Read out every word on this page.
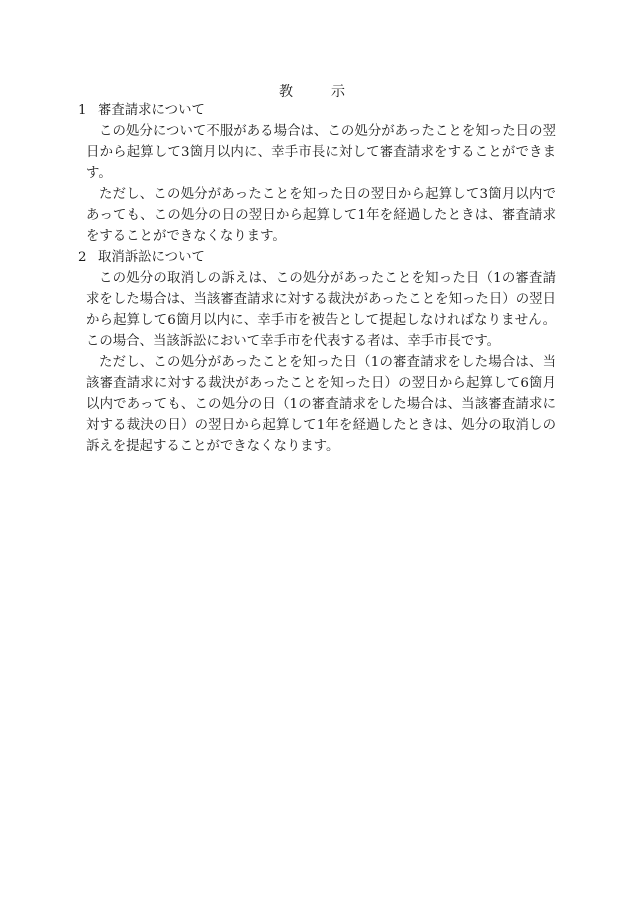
教　示

1 審査請求について

この処分について不服がある場合は、この処分があったことを知った日の翌日から起算して3箇月以内に、幸手市長に対して審査請求をすることができます。

ただし、この処分があったことを知った日の翌日から起算して3箇月以内であっても、この処分の日の翌日から起算して1年を経過したときは、審査請求をすることができなくなります。

2 取消訴訟について

この処分の取消しの訴えは、この処分があったことを知った日（1の審査請求をした場合は、当該審査請求に対する裁決があったことを知った日）の翌日から起算して6箇月以内に、幸手市を被告として提起しなければなりません。この場合、当該訴訟において幸手市を代表する者は、幸手市長です。

ただし、この処分があったことを知った日（1の審査請求をした場合は、当該審査請求に対する裁決があったことを知った日）の翌日から起算して6箇月以内であっても、この処分の日（1の審査請求をした場合は、当該審査請求に対する裁決の日）の翌日から起算して1年を経過したときは、処分の取消しの訴えを提起することができなくなります。
